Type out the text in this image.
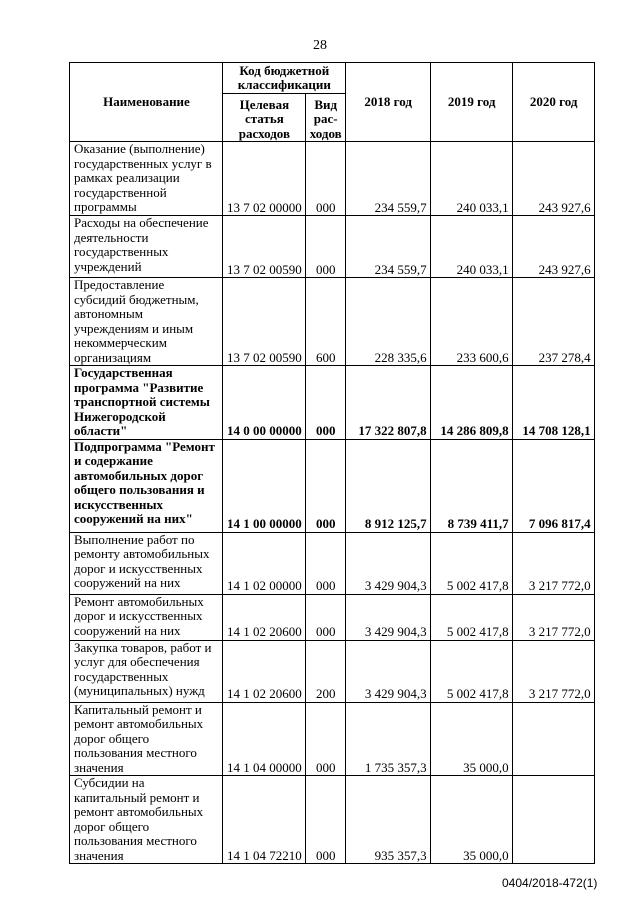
28
Наименование	Код бюджетной классификации		2018 год	2019 год	2020 год
	Целевая статья расходов	Вид рас-ходов			
Оказание (выполнение) государственных услуг в рамках реализации государственной программы	13 7 02 00000	000	234 559,7	240 033,1	243 927,6
Расходы на обеспечение деятельности государственных учреждений	13 7 02 00590	000	234 559,7	240 033,1	243 927,6
Предоставление субсидий бюджетным, автономным учреждениям и иным некоммерческим организациям	13 7 02 00590	600	228 335,6	233 600,6	237 278,4
Государственная программа "Развитие транспортной системы Нижегородской области"	14 0 00 00000	000	17 322 807,8	14 286 809,8	14 708 128,1
Подпрограмма "Ремонт и содержание автомобильных дорог общего пользования и искусственных сооружений на них"	14 1 00 00000	000	8 912 125,7	8 739 411,7	7 096 817,4
Выполнение работ по ремонту автомобильных дорог и искусственных сооружений на них	14 1 02 00000	000	3 429 904,3	5 002 417,8	3 217 772,0
Ремонт автомобильных дорог и искусственных сооружений на них	14 1 02 20600	000	3 429 904,3	5 002 417,8	3 217 772,0
Закупка товаров, работ и услуг для обеспечения государственных (муниципальных) нужд	14 1 02 20600	200	3 429 904,3	5 002 417,8	3 217 772,0
Капитальный ремонт и ремонт автомобильных дорог общего пользования местного значения	14 1 04 00000	000	1 735 357,3	35 000,0	
Субсидии на капитальный ремонт и ремонт автомобильных дорог общего пользования местного значения	14 1 04 72210	000	935 357,3	35 000,0	
0404/2018-472(1)
